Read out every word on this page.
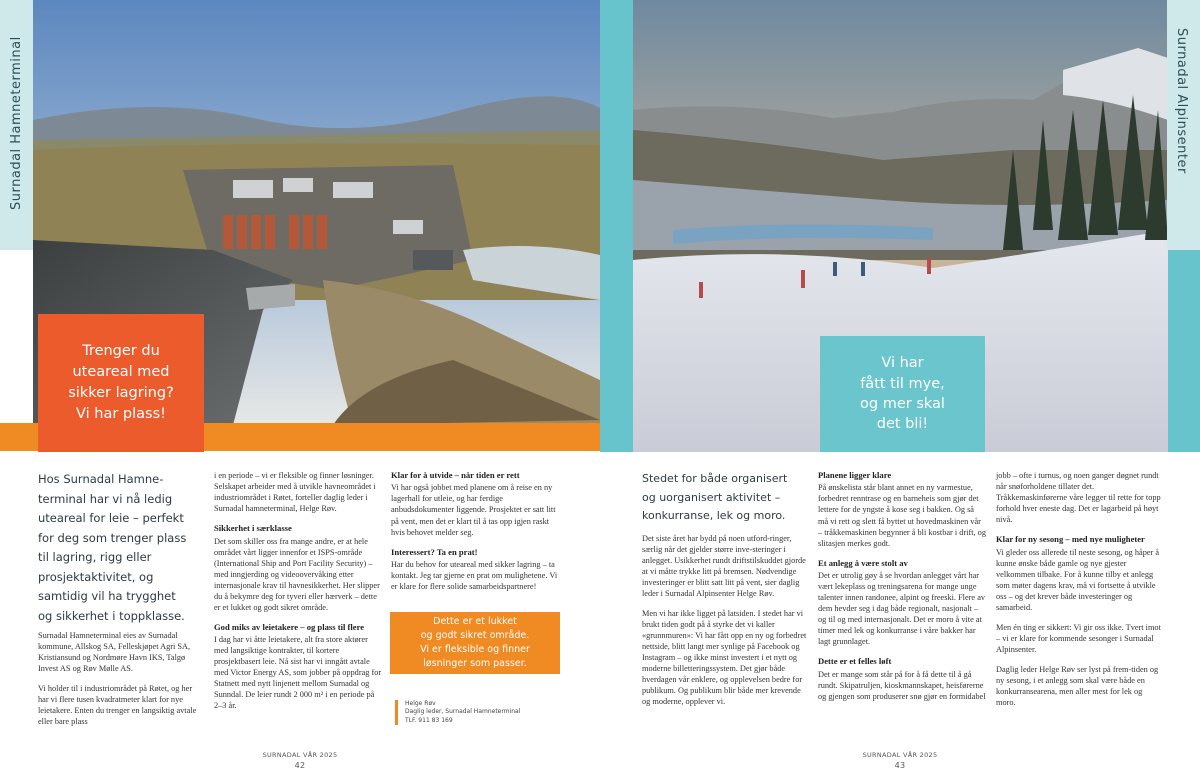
Surnadal Hamneterminal
Trenger du
uteareal med
sikker lagring?
Vi har plass!
Hos Surnadal Hamne-
terminal har vi nå ledig
uteareal for leie – perfekt
for deg som trenger plass
til lagring, rigg eller
prosjektaktivitet, og
samtidig vil ha trygghet
og sikkerhet i toppklasse.

Surnadal Hamneterminal eies av Surnadal kommune, Allskog SA, Felleskjøpet Agri SA, Kristiansund og Nordmøre Havn IKS, Talgø Invest AS og Røv Mølle AS.

Vi holder til i industriområdet på Røtet, og her har vi flere tusen kvadratmeter klart for nye leietakere. Enten du trenger en langsiktig avtale eller bare plass

i en periode – vi er fleksible og finner løsninger. Selskapet arbeider med å utvikle havneområdet i industriområdet i Røtet, forteller daglig leder i Surnadal hamneterminal, Helge Røv.

Sikkerhet i særklasse

Det som skiller oss fra mange andre, er at hele området vårt ligger innenfor et ISPS-område (International Ship and Port Facility Security) – med inngjerding og videoovervåking etter internasjonale krav til havnesikkerhet. Her slipper du å bekymre deg for tyveri eller hærverk – dette er et lukket og godt sikret område.

God miks av leietakere – og plass til flere

I dag har vi åtte leietakere, alt fra store aktører med langsiktige kontrakter, til kortere prosjektbasert leie. Nå sist har vi inngått avtale med Victor Energy AS, som jobber på oppdrag for Statnett med nytt linjenett mellom Surnadal og Sunndal. De leier rundt 2 000 m² i en periode på 2–3 år.

Klar for å utvide – når tiden er rett

Vi har også jobbet med planene om å reise en ny lagerhall for utleie, og har ferdige anbudsdokumenter liggende. Prosjektet er satt litt på vent, men det er klart til å tas opp igjen raskt hvis behovet melder seg.

Interessert? Ta en prat!

Har du behov for uteareal med sikker lagring – ta kontakt. Jeg tar gjerne en prat om mulighetene. Vi er klare for flere solide samarbeidspartnere!

Dette er et lukket
og godt sikret område.
Vi er fleksible og finner
løsninger som passer.
Helge Røv
Daglig leder, Surnadal Hamneterminal
TLF. 911 83 169
SURNADAL VÅR 2025
42
Surnadal Alpinsenter
Vi har
fått til mye,
og mer skal
det bli!
Stedet for både organisert
og uorganisert aktivitet –
konkurranse, lek og moro.

Det siste året har bydd på noen utford-ringer, særlig når det gjelder større inve-steringer i anlegget. Usikkerhet rundt driftstilskuddet gjorde at vi måtte trykke litt på bremsen. Nødvendige investeringer er blitt satt litt på vent, sier daglig leder i Surnadal Alpinsenter Helge Røv.

Men vi har ikke ligget på latsiden. I stedet har vi brukt tiden godt på å styrke det vi kaller «grunnmuren»: Vi har fått opp en ny og forbedret nettside, blitt langt mer synlige på Facebook og Instagram – og ikke minst investert i et nytt og moderne billetteringssystem. Det gjør både hverdagen vår enklere, og opplevelsen bedre for publikum. Og publikum blir både mer krevende og moderne, opplever vi.

Planene ligger klare

På ønskelista står blant annet en ny varmestue, forbedret renntrase og en barneheis som gjør det lettere for de yngste å kose seg i bakken. Og så må vi rett og slett få byttet ut hovedmaskinen vår – tråkkemaskinen begynner å bli kostbar i drift, og slitasjen merkes godt.

Et anlegg å være stolt av

Det er utrolig gøy å se hvordan anlegget vårt har vært lekeplass og treningsarena for mange unge talenter innen randonee, alpint og freeski. Flere av dem hevder seg i dag både regionalt, nasjonalt – og til og med internasjonalt. Det er moro å vite at timer med lek og konkurranse i våre bakker har lagt grunnlaget.

Dette er et felles løft

Det er mange som står på for å få dette til å gå rundt. Skipatruljen, kioskmannskapet, heisførerne og gjengen som produserer snø gjør en formidabel

jobb – ofte i turnus, og noen ganger døgnet rundt når snøforholdene tillater det. Tråkkemaskinførerne våre legger til rette for topp forhold hver eneste dag. Det er lagarbeid på høyt nivå.

Klar for ny sesong – med nye muligheter

Vi gleder oss allerede til neste sesong, og håper å kunne ønske både gamle og nye gjester velkommen tilbake. For å kunne tilby et anlegg som møter dagens krav, må vi fortsette å utvikle oss – og det krever både investeringer og samarbeid.

Men én ting er sikkert: Vi gir oss ikke. Tvert imot – vi er klare for kommende sesonger i Surnadal Alpinsenter.

Daglig leder Helge Røv ser lyst på frem-tiden og ny sesong, i et anlegg som skal være både en konkurransearena, men aller mest for lek og moro.

SURNADAL VÅR 2025
43
